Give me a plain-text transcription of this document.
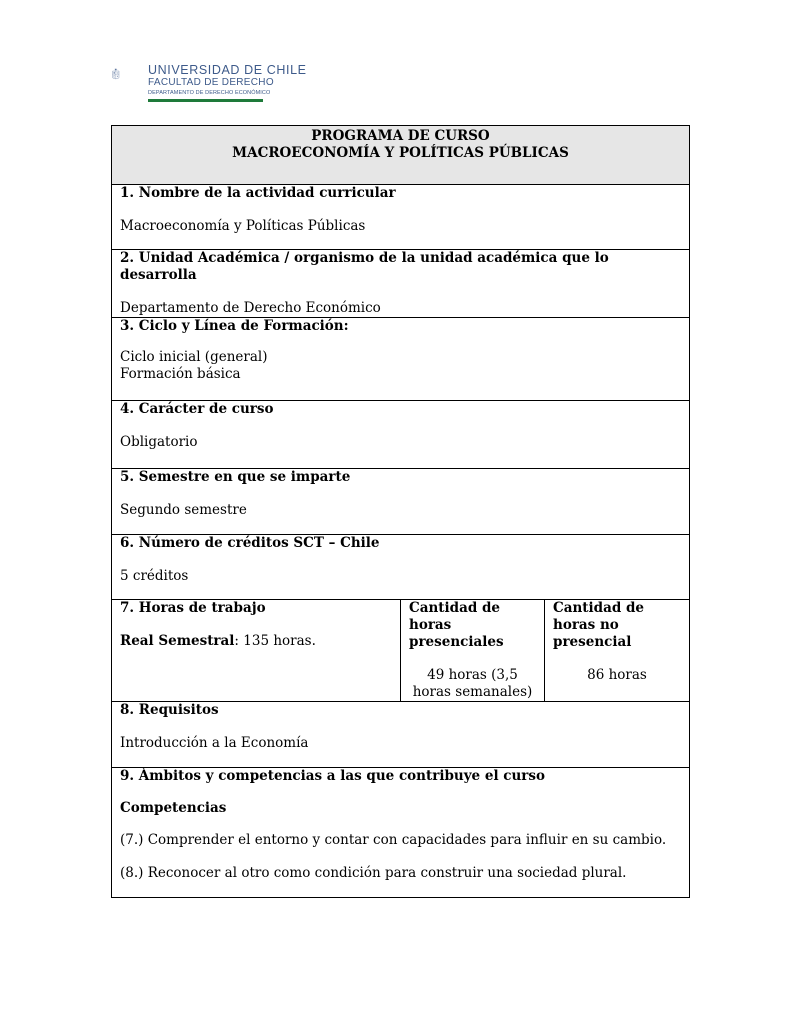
UNIVERSIDAD DE CHILE
FACULTAD DE DERECHO
DEPARTAMENTO DE DERECHO ECONÓMICO
PROGRAMA DE CURSO
MACROECONOMÍA Y POLÍTICAS PÚBLICAS

1. Nombre de la actividad curricular
Macroeconomía y Políticas Públicas

2. Unidad Académica / organismo de la unidad académica que lo desarrolla
Departamento de Derecho Económico

3. Ciclo y Línea de Formación:
Ciclo inicial (general)
Formación básica

4. Carácter de curso
Obligatorio

5. Semestre en que se imparte
Segundo semestre

6. Número de créditos SCT – Chile
5 créditos

7. Horas de trabajo
Real Semestral: 135 horas.

Cantidad de horas presenciales
49 horas (3,5 horas semanales)

Cantidad de horas no presencial
86 horas

8. Requisitos
Introducción a la Economía

9. Ámbitos y competencias a las que contribuye el curso
Competencias
(7.) Comprender el entorno y contar con capacidades para influir en su cambio.
(8.) Reconocer al otro como condición para construir una sociedad plural.
